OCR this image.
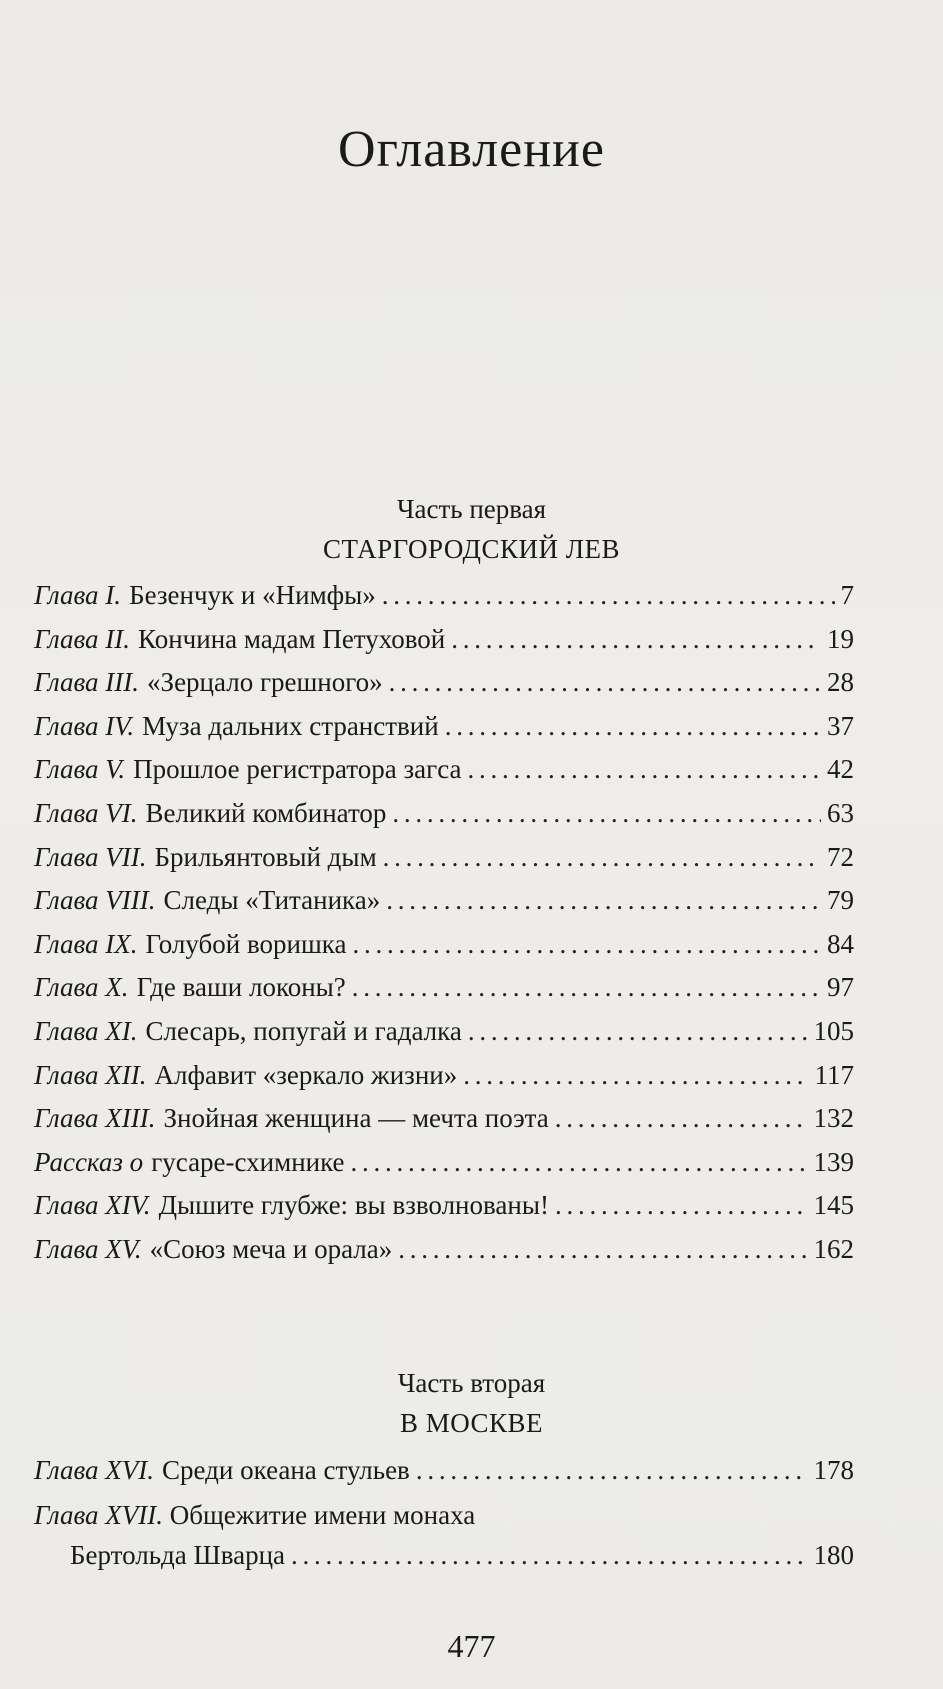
Оглавление
Часть первая
СТАРГОРОДСКИЙ ЛЕВ
Глава I. Безенчук и «Нимфы» . . .	7
Глава II. Кончина мадам Петуховой . . .	19
Глава III. «Зерцало грешного» . . .	28
Глава IV. Муза дальних странствий . . .	37
Глава V. Прошлое регистратора загса . . .	42
Глава VI. Великий комбинатор . . .	63
Глава VII. Брильянтовый дым . . .	72
Глава VIII. Следы «Титаника» . . .	79
Глава IX. Голубой воришка . . .	84
Глава X. Где ваши локоны? . . .	97
Глава XI. Слесарь, попугай и гадалка . . .	105
Глава XII. Алфавит «зеркало жизни» . . .	117
Глава XIII. Знойная женщина — мечта поэта . . .	132
Рассказ о гусаре-схимнике . . .	139
Глава XIV. Дышите глубже: вы взволнованы! . . .	145
Глава XV. «Союз меча и орала» . . .	162
Часть вторая
В МОСКВЕ
Глава XVI. Среди океана стульев . . .	178
Глава XVII. Общежитие имени монаха
Бертольда Шварца . . .	180
477
